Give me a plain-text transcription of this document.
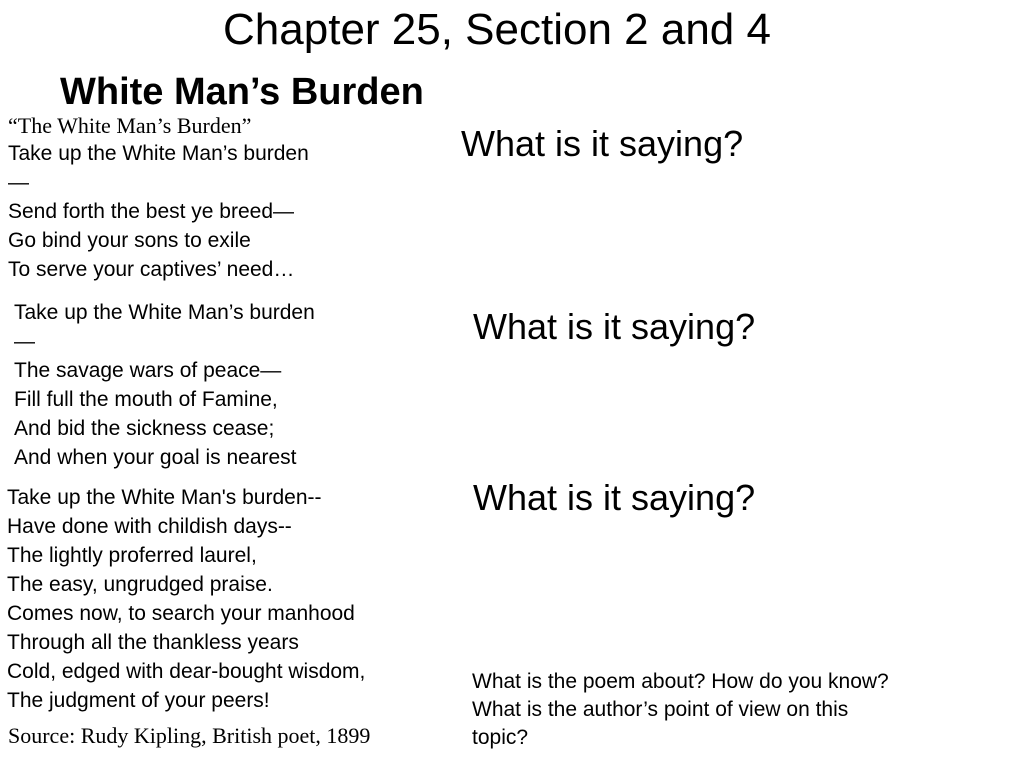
Chapter 25, Section 2 and 4
White Man’s Burden
“The White Man’s Burden”
Take up the White Man’s burden
—
Send forth the best ye breed—
Go bind your sons to exile
To serve your captives’ need…
Take up the White Man’s burden
—
The savage wars of peace—
Fill full the mouth of Famine,
And bid the sickness cease;
And when your goal is nearest
Take up the White Man's burden--
Have done with childish days--
The lightly proferred laurel,
The easy, ungrudged praise.
Comes now, to search your manhood
Through all the thankless years
Cold, edged with dear-bought wisdom,
The judgment of your peers!
What is it saying?
What is it saying?
What is it saying?
What is the poem about? How do you know?
What is the author’s point of view on this
topic?
Source: Rudy Kipling, British poet, 1899
